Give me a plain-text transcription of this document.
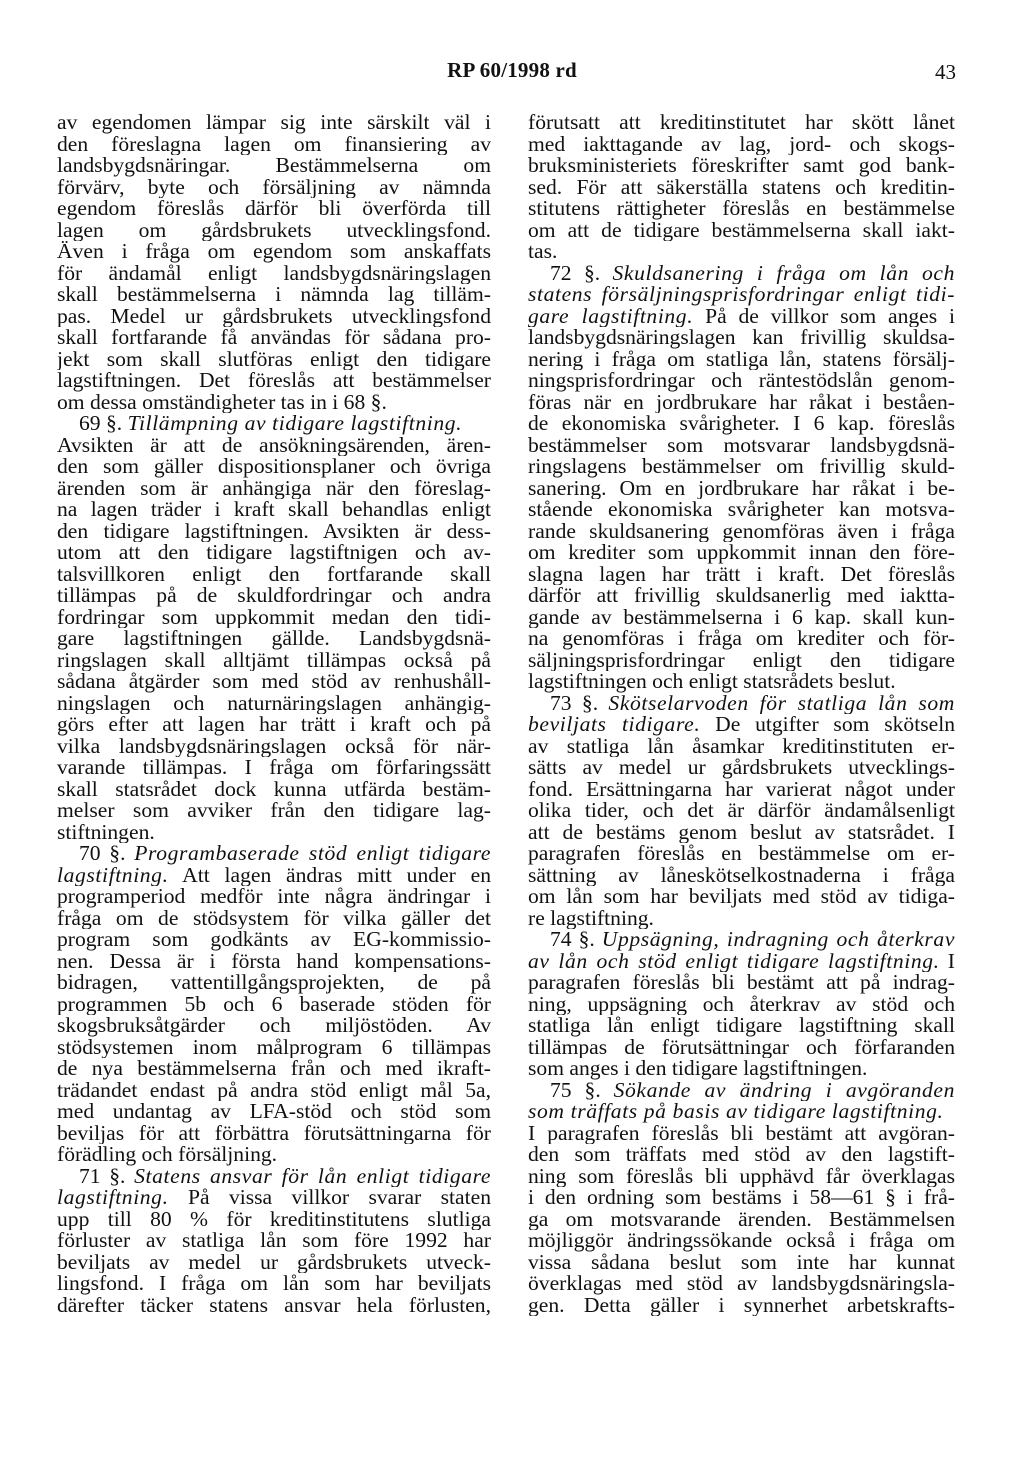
RP 60/1998 rd	43
av egendomen lämpar sig inte särskilt väl i
den föreslagna lagen om finansiering av
landsbygdsnäringar. Bestämmelserna om
förvärv, byte och försäljning av nämnda
egendom föreslås därför bli överförda till
lagen om gårdsbrukets utvecklingsfond.
Även i fråga om egendom som anskaffats
för ändamål enligt landsbygdsnäringslagen
skall bestämmelserna i nämnda lag tilläm-
pas. Medel ur gårdsbrukets utvecklingsfond
skall fortfarande få användas för sådana pro-
jekt som skall slutföras enligt den tidigare
lagstiftningen. Det föreslås att bestämmelser
om dessa omständigheter tas in i 68 §.
69 §. Tillämpning av tidigare lagstiftning.
Avsikten är att de ansökningsärenden, ären-
den som gäller dispositionsplaner och övriga
ärenden som är anhängiga när den föreslag-
na lagen träder i kraft skall behandlas enligt
den tidigare lagstiftningen. Avsikten är dess-
utom att den tidigare lagstiftnigen och av-
talsvillkoren enligt den fortfarande skall
tillämpas på de skuldfordringar och andra
fordringar som uppkommit medan den tidi-
gare lagstiftningen gällde. Landsbygdsnä-
ringslagen skall alltjämt tillämpas också på
sådana åtgärder som med stöd av renhushåll-
ningslagen och naturnäringslagen anhängig-
görs efter att lagen har trätt i kraft och på
vilka landsbygdsnäringslagen också för när-
varande tillämpas. I fråga om förfaringssätt
skall statsrådet dock kunna utfärda bestäm-
melser som avviker från den tidigare lag-
stiftningen.
70 §. Programbaserade stöd enligt tidigare
lagstiftning. Att lagen ändras mitt under en
programperiod medför inte några ändringar i
fråga om de stödsystem för vilka gäller det
program som godkänts av EG-kommissio-
nen. Dessa är i första hand kompensations-
bidragen, vattentillgångsprojekten, de på
programmen 5b och 6 baserade stöden för
skogsbruksåtgärder och miljöstöden. Av
stödsystemen inom målprogram 6 tillämpas
de nya bestämmelserna från och med ikraft-
trädandet endast på andra stöd enligt mål 5a,
med undantag av LFA-stöd och stöd som
beviljas för att förbättra förutsättningarna för
förädling och försäljning.
71 §. Statens ansvar för lån enligt tidigare
lagstiftning. På vissa villkor svarar staten
upp till 80 % för kreditinstitutens slutliga
förluster av statliga lån som före 1992 har
beviljats av medel ur gårdsbrukets utveck-
lingsfond. I fråga om lån som har beviljats
därefter täcker statens ansvar hela förlusten,
förutsatt att kreditinstitutet har skött lånet
med iakttagande av lag, jord- och skogs-
bruksministeriets föreskrifter samt god bank-
sed. För att säkerställa statens och kreditin-
stitutens rättigheter föreslås en bestämmelse
om att de tidigare bestämmelserna skall iakt-
tas.
72 §. Skuldsanering i fråga om lån och
statens försäljningsprisfordringar enligt tidi-
gare lagstiftning. På de villkor som anges i
landsbygdsnäringslagen kan frivillig skuldsa-
nering i fråga om statliga lån, statens försälj-
ningsprisfordringar och räntestödslån genom-
föras när en jordbrukare har råkat i beståen-
de ekonomiska svårigheter. I 6 kap. föreslås
bestämmelser som motsvarar landsbygdsnä-
ringslagens bestämmelser om frivillig skuld-
sanering. Om en jordbrukare har råkat i be-
stående ekonomiska svårigheter kan motsva-
rande skuldsanering genomföras även i fråga
om krediter som uppkommit innan den före-
slagna lagen har trätt i kraft. Det föreslås
därför att frivillig skuldsanerlig med iaktta-
gande av bestämmelserna i 6 kap. skall kun-
na genomföras i fråga om krediter och för-
säljningsprisfordringar enligt den tidigare
lagstiftningen och enligt statsrådets beslut.
73 §. Skötselarvoden för statliga lån som
beviljats tidigare. De utgifter som skötseln
av statliga lån åsamkar kreditinstituten er-
sätts av medel ur gårdsbrukets utvecklings-
fond. Ersättningarna har varierat något under
olika tider, och det är därför ändamålsenligt
att de bestäms genom beslut av statsrådet. I
paragrafen föreslås en bestämmelse om er-
sättning av låneskötselkostnaderna i fråga
om lån som har beviljats med stöd av tidiga-
re lagstiftning.
74 §. Uppsägning, indragning och återkrav
av lån och stöd enligt tidigare lagstiftning. I
paragrafen föreslås bli bestämt att på indrag-
ning, uppsägning och återkrav av stöd och
statliga lån enligt tidigare lagstiftning skall
tillämpas de förutsättningar och förfaranden
som anges i den tidigare lagstiftningen.
75 §. Sökande av ändring i avgöranden
som träffats på basis av tidigare lagstiftning.
I paragrafen föreslås bli bestämt att avgöran-
den som träffats med stöd av den lagstift-
ning som föreslås bli upphävd får överklagas
i den ordning som bestäms i 58—61 § i frå-
ga om motsvarande ärenden. Bestämmelsen
möjliggör ändringssökande också i fråga om
vissa sådana beslut som inte har kunnat
överklagas med stöd av landsbygdsnäringsla-
gen. Detta gäller i synnerhet arbetskrafts-
